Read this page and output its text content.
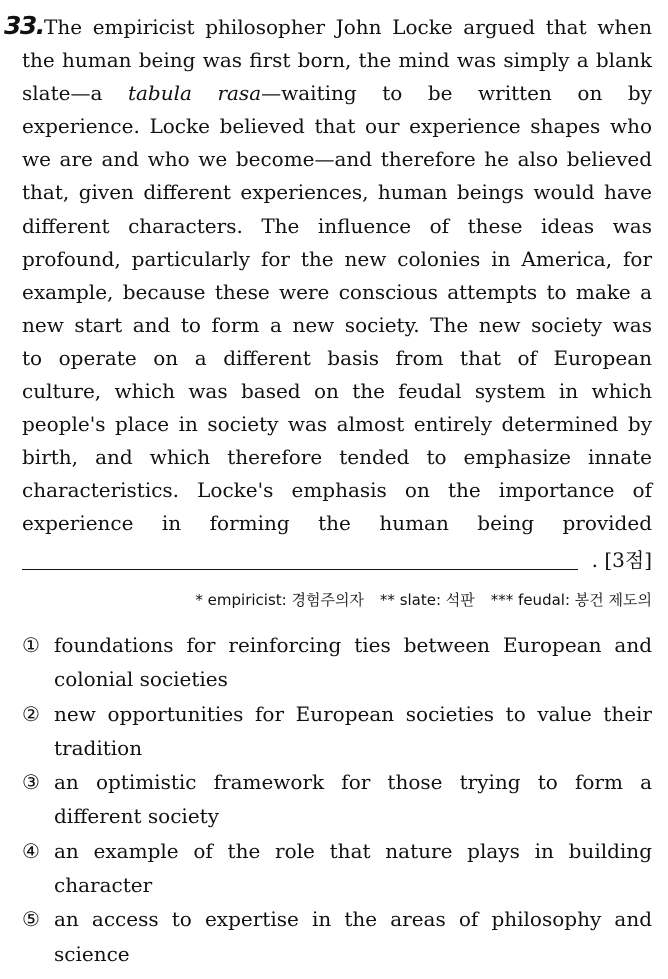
33. The empiricist philosopher John Locke argued that when
the human being was first born, the mind was simply a blank
slate—a tabula rasa—waiting to be written on by
experience. Locke believed that our experience shapes who
we are and who we become—and therefore he also believed
that, given different experiences, human beings would have
different characters. The influence of these ideas was
profound, particularly for the new colonies in America, for
example, because these were conscious attempts to make a
new start and to form a new society. The new society was
to operate on a different basis from that of European
culture, which was based on the feudal system in which
people's place in society was almost entirely determined by
birth, and which therefore tended to emphasize innate
characteristics. Locke's emphasis on the importance of
experience in forming the human being provided
. [3점]
* empiricist: 경험주의자 ** slate: 석판 *** feudal: 봉건 제도의
① foundations for reinforcing ties between European and
colonial societies
② new opportunities for European societies to value their
tradition
③ an optimistic framework for those trying to form a
different society
④ an example of the role that nature plays in building
character
⑤ an access to expertise in the areas of philosophy and
science
